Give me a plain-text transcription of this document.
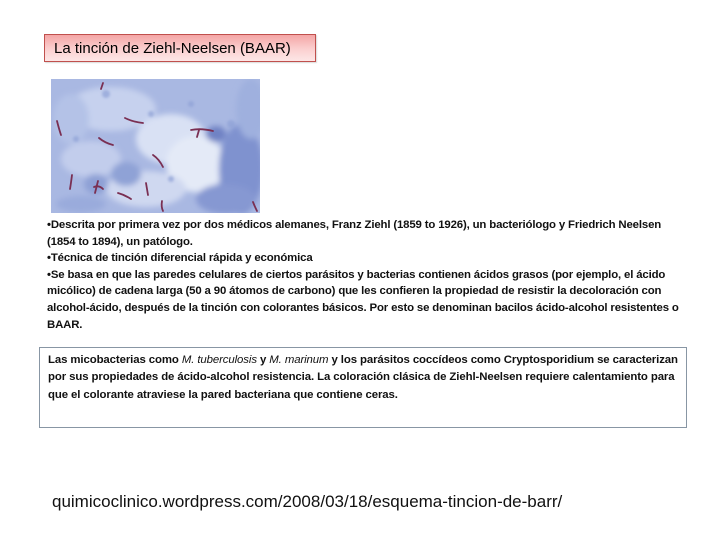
La tinción de Ziehl-Neelsen (BAAR)

•Descrita por primera vez por dos médicos alemanes, Franz Ziehl (1859 to 1926), un bacteriólogo y Friedrich Neelsen (1854 to 1894), un patólogo.

•Técnica de tinción diferencial rápida y económica

•Se basa en que las paredes celulares de ciertos parásitos y bacterias contienen ácidos grasos (por ejemplo, el ácido micólico) de cadena larga (50 a 90 átomos de carbono) que les confieren la propiedad de resistir la decoloración con alcohol-ácido, después de la tinción con colorantes básicos. Por esto se denominan bacilos ácido-alcohol resistentes o BAAR.

Las micobacterias como M. tuberculosis y M. marinum y los parásitos coccídeos como Cryptosporidium se caracterizan por sus propiedades de ácido-alcohol resistencia. La coloración clásica de Ziehl-Neelsen requiere calentamiento para que el colorante atraviese la pared bacteriana que contiene ceras.
quimicoclinico.wordpress.com/2008/03/18/esquema-tincion-de-barr/
